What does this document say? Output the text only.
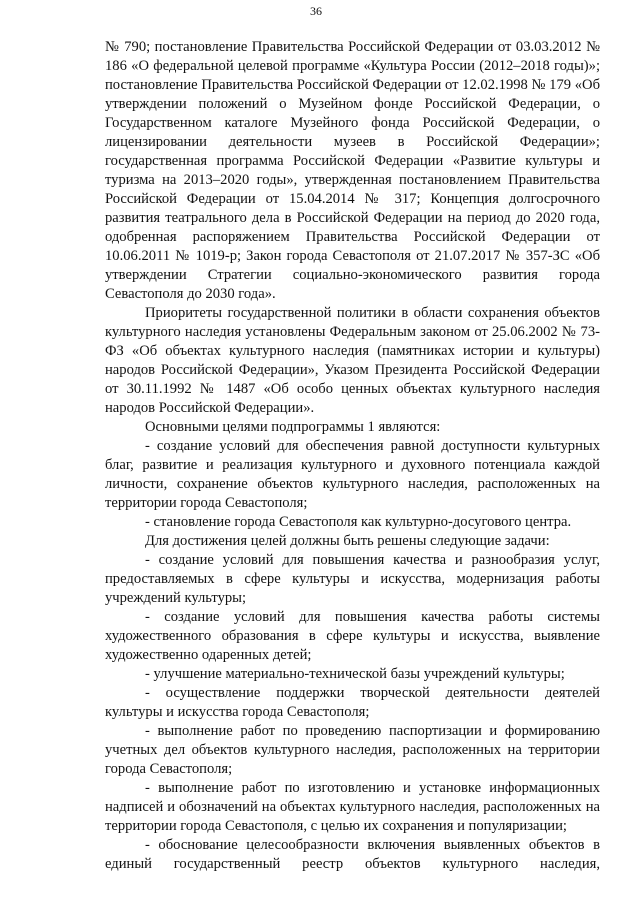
36

№ 790; постановление Правительства Российской Федерации от 03.03.2012 № 186 «О федеральной целевой программе «Культура России (2012–2018 годы)»; постановление Правительства Российской Федерации от 12.02.1998 № 179 «Об утверждении положений о Музейном фонде Российской Федерации, о Государственном каталоге Музейного фонда Российской Федерации, о лицензировании деятельности музеев в Российской Федерации»; государственная программа Российской Федерации «Развитие культуры и туризма на 2013–2020 годы», утвержденная постановлением Правительства Российской Федерации от 15.04.2014 № 317; Концепция долгосрочного развития театрального дела в Российской Федерации на период до 2020 года, одобренная распоряжением Правительства Российской Федерации от 10.06.2011 № 1019-р; Закон города Севастополя от 21.07.2017 № 357-ЗС «Об утверждении Стратегии социально-экономического развития города Севастополя до 2030 года».

Приоритеты государственной политики в области сохранения объектов культурного наследия установлены Федеральным законом от 25.06.2002 № 73-ФЗ «Об объектах культурного наследия (памятниках истории и культуры) народов Российской Федерации», Указом Президента Российской Федерации от 30.11.1992 № 1487 «Об особо ценных объектах культурного наследия народов Российской Федерации».

Основными целями подпрограммы 1 являются:

- создание условий для обеспечения равной доступности культурных благ, развитие и реализация культурного и духовного потенциала каждой личности, сохранение объектов культурного наследия, расположенных на территории города Севастополя;

- становление города Севастополя как культурно-досугового центра.

Для достижения целей должны быть решены следующие задачи:

- создание условий для повышения качества и разнообразия услуг, предоставляемых в сфере культуры и искусства, модернизация работы учреждений культуры;

- создание условий для повышения качества работы системы художественного образования в сфере культуры и искусства, выявление художественно одаренных детей;

- улучшение материально-технической базы учреждений культуры;

- осуществление поддержки творческой деятельности деятелей культуры и искусства города Севастополя;

- выполнение работ по проведению паспортизации и формированию учетных дел объектов культурного наследия, расположенных на территории города Севастополя;

- выполнение работ по изготовлению и установке информационных надписей и обозначений на объектах культурного наследия, расположенных на территории города Севастополя, с целью их сохранения и популяризации;

- обоснование целесообразности включения выявленных объектов в единый государственный реестр объектов культурного наследия,
